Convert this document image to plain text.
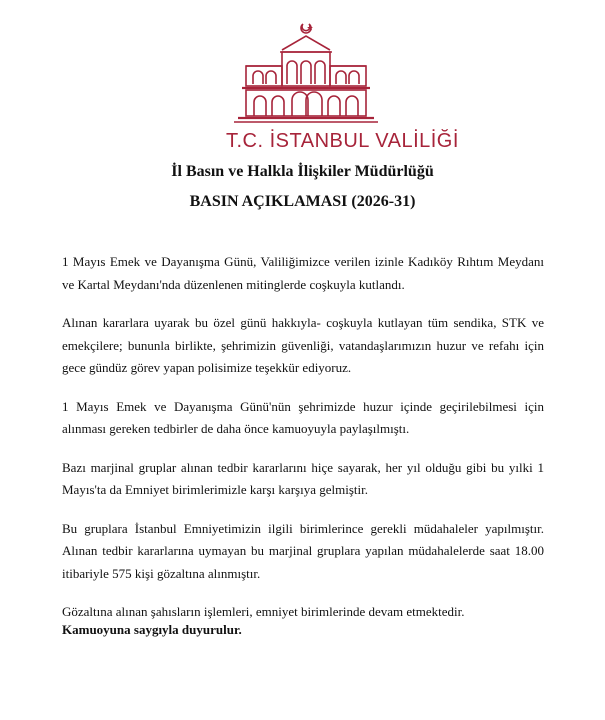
T.C. İSTANBUL VALİLİĞİ
İl Basın ve Halkla İlişkiler Müdürlüğü
BASIN AÇIKLAMASI (2026-31)

1 Mayıs Emek ve Dayanışma Günü, Valiliğimizce verilen izinle Kadıköy Rıhtım Meydanı ve Kartal Meydanı'nda düzenlenen mitinglerde coşkuyla kutlandı.

Alınan kararlara uyarak bu özel günü hakkıyla- coşkuyla kutlayan tüm sendika, STK ve emekçilere; bununla birlikte, şehrimizin güvenliği, vatandaşlarımızın huzur ve refahı için gece gündüz görev yapan polisimize teşekkür ediyoruz.

1 Mayıs Emek ve Dayanışma Günü'nün şehrimizde huzur içinde geçirilebilmesi için alınması gereken tedbirler de daha önce kamuoyuyla paylaşılmıştı.

Bazı marjinal gruplar alınan tedbir kararlarını hiçe sayarak, her yıl olduğu gibi bu yılki 1 Mayıs'ta da Emniyet birimlerimizle karşı karşıya gelmiştir.

Bu gruplara İstanbul Emniyetimizin ilgili birimlerince gerekli müdahaleler yapılmıştır. Alınan tedbir kararlarına uymayan bu marjinal gruplara yapılan müdahalelerde saat 18.00 itibariyle 575 kişi gözaltına alınmıştır.

Gözaltına alınan şahısların işlemleri, emniyet birimlerinde devam etmektedir.

Kamuoyuna saygıyla duyurulur.
